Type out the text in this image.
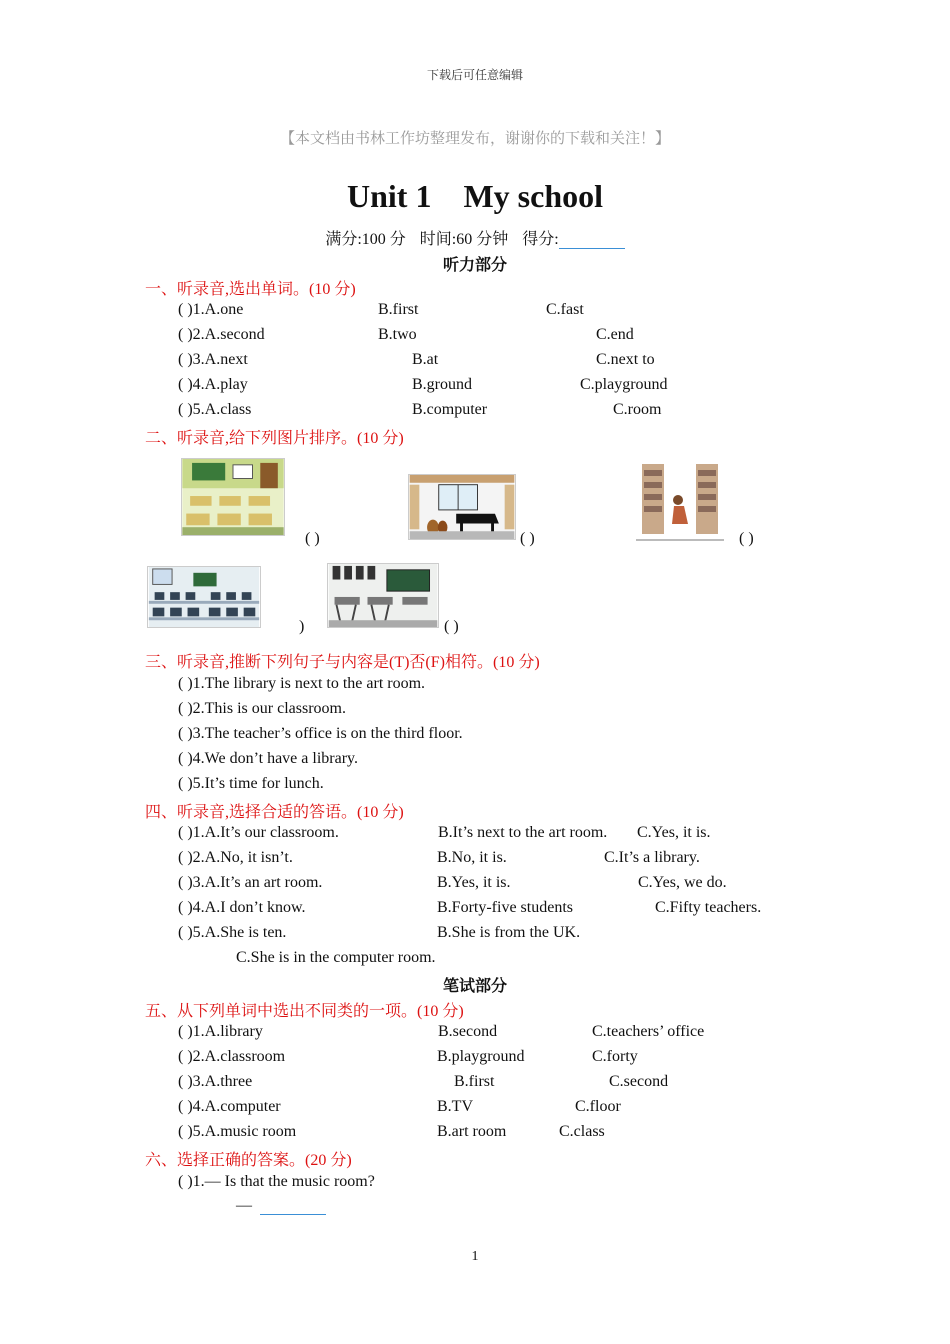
下载后可任意编辑
【本文档由书林工作坊整理发布，谢谢你的下载和关注！】
Unit 1 My school
满分:100 分 时间:60 分钟 得分:
听力部分
一、听录音,选出单词。(10 分)
( )1.A.one	B.first	C.fast
( )2.A.second	B.two	C.end
( )3.A.next	B.at	C.next to
( )4.A.play	B.ground	C.playground
( )5.A.class	B.computer	C.room
二、听录音,给下列图片排序。(10 分)
( )	( )	( )
)	( )
三、听录音,推断下列句子与内容是(T)否(F)相符。(10 分)
( )1.The library is next to the art room.
( )2.This is our classroom.
( )3.The teacher’s office is on the third floor.
( )4.We don’t have a library.
( )5.It’s time for lunch.
四、听录音,选择合适的答语。(10 分)
( )1.A.It’s our classroom.	B.It’s next to the art room. C.Yes, it is.
( )2.A.No, it isn’t.	B.No, it is.	C.It’s a library.
( )3.A.It’s an art room.	B.Yes, it is.	C.Yes, we do.
( )4.A.I don’t know.	B.Forty-five students	C.Fifty teachers.
( )5.A.She is ten.	B.She is from the UK.
C.She is in the computer room.
笔试部分
五、从下列单词中选出不同类的一项。(10 分)
( )1.A.library	B.second	C.teachers’ office
( )2.A.classroom	B.playground	C.forty
( )3.A.three	B.first	C.second
( )4.A.computer	B.TV	C.floor
( )5.A.music room	B.art room	C.class
六、选择正确的答案。(20 分)
( )1.— Is that the music room?
—
1
